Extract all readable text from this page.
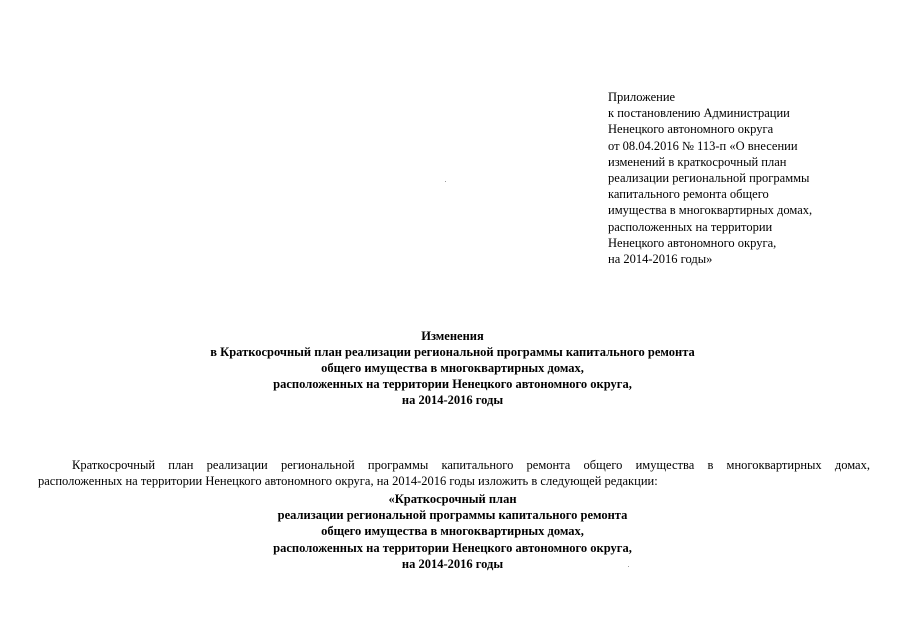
Приложение
к постановлению Администрации
Ненецкого автономного округа
от 08.04.2016 № 113-п «О внесении
изменений в краткосрочный план
реализации региональной программы
капитального ремонта общего
имущества в многоквартирных домах,
расположенных на территории
Ненецкого автономного округа,
на 2014-2016 годы»
Изменения
в Краткосрочный план реализации региональной программы капитального ремонта
общего имущества в многоквартирных домах,
расположенных на территории Ненецкого автономного округа,
на 2014-2016 годы
Краткосрочный план реализации региональной программы капитального ремонта общего имущества в многоквартирных домах,
расположенных на территории Ненецкого автономного округа, на 2014-2016 годы изложить в следующей редакции:
«Краткосрочный план
реализации региональной программы капитального ремонта
общего имущества в многоквартирных домах,
расположенных на территории Ненецкого автономного округа,
на 2014-2016 годы
